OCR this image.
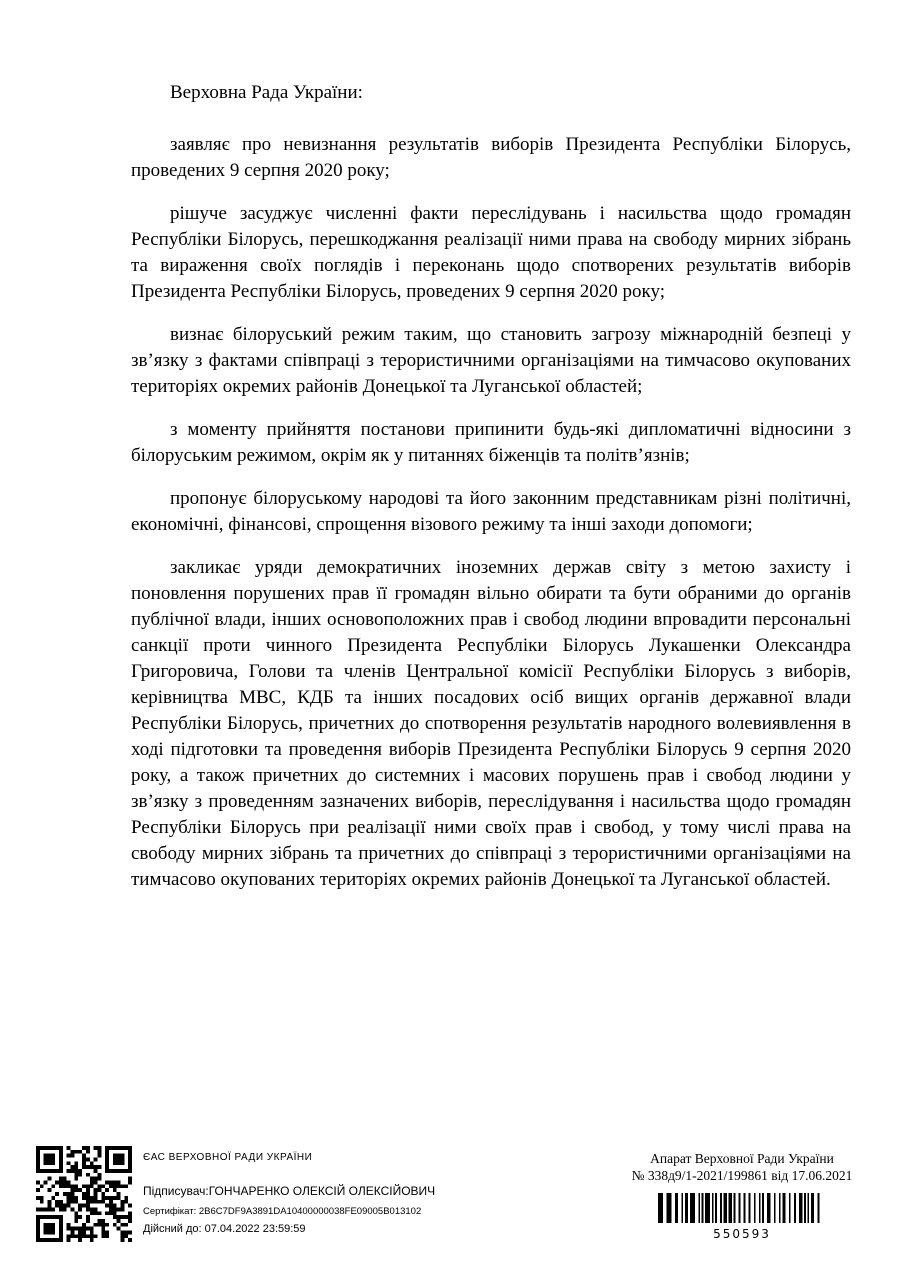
Верховна Рада України:

заявляє про невизнання результатів виборів Президента Республіки Білорусь, проведених 9 серпня 2020 року;

рішуче засуджує численні факти переслідувань і насильства щодо громадян Республіки Білорусь, перешкоджання реалізації ними права на свободу мирних зібрань та вираження своїх поглядів і переконань щодо спотворених результатів виборів Президента Республіки Білорусь, проведених 9 серпня 2020 року;

визнає білоруський режим таким, що становить загрозу міжнародній безпеці у зв’язку з фактами співпраці з терористичними організаціями на тимчасово окупованих територіях окремих районів Донецької та Луганської областей;

з моменту прийняття постанови припинити будь-які дипломатичні відносини з білоруським режимом, окрім як у питаннях біженців та політв’язнів;

пропонує білоруському народові та його законним представникам різні політичні, економічні, фінансові, спрощення візового режиму та інші заходи допомоги;

закликає уряди демократичних іноземних держав світу з метою захисту і поновлення порушених прав її громадян вільно обирати та бути обраними до органів публічної влади, інших основоположних прав і свобод людини впровадити персональні санкції проти чинного Президента Республіки Білорусь Лукашенки Олександра Григоровича, Голови та членів Центральної комісії Республіки Білорусь з виборів, керівництва МВС, КДБ та інших посадових осіб вищих органів державної влади Республіки Білорусь, причетних до спотворення результатів народного волевиявлення в ході підготовки та проведення виборів Президента Республіки Білорусь 9 серпня 2020 року, а також причетних до системних і масових порушень прав і свобод людини у зв’язку з проведенням зазначених виборів, переслідування і насильства щодо громадян Республіки Білорусь при реалізації ними своїх прав і свобод, у тому числі права на свободу мирних зібрань та причетних до співпраці з терористичними організаціями на тимчасово окупованих територіях окремих районів Донецької та Луганської областей.

ЄАС ВЕРХОВНОЇ РАДИ УКРАЇНИ
Підписувач:ГОНЧАРЕНКО ОЛЕКСІЙ ОЛЕКСІЙОВИЧ
Сертифікат: 2B6C7DF9A3891DA10400000038FE09005B013102
Дійсний до: 07.04.2022 23:59:59
Апарат Верховної Ради України
№ 338д9/1-2021/199861 від 17.06.2021
550593
